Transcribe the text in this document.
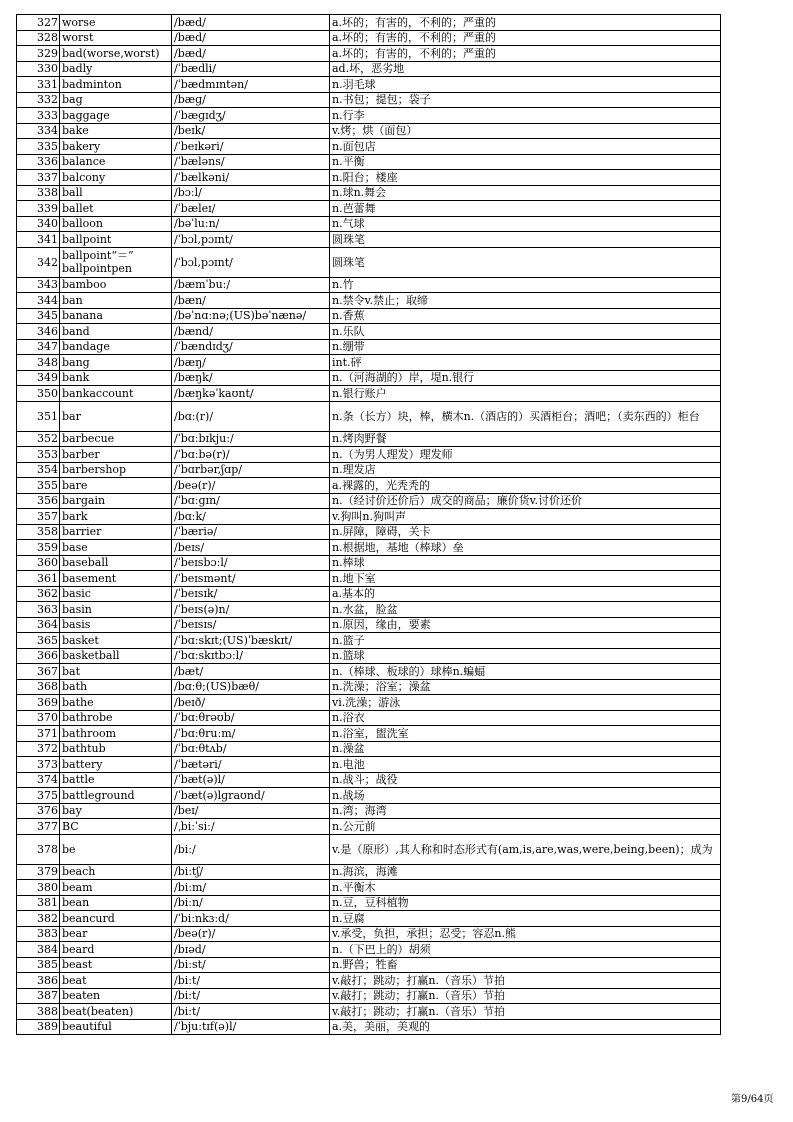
327	worse	/bæd/	a.坏的；有害的，不利的；严重的
328	worst	/bæd/	a.坏的；有害的，不利的；严重的
329	bad(worse,worst)	/bæd/	a.坏的；有害的，不利的；严重的
330	badly	/ˈbædli/	ad.坏，恶劣地
331	badminton	/ˈbædmɪntən/	n.羽毛球
332	bag	/bæɡ/	n.书包；提包；袋子
333	baggage	/ˈbæɡɪdʒ/	n.行李
334	bake	/beɪk/	v.烤；烘（面包）
335	bakery	/ˈbeɪkəri/	n.面包店
336	balance	/ˈbæləns/	n.平衡
337	balcony	/ˈbælkəni/	n.阳台；楼座
338	ball	/bɔːl/	n.球n.舞会
339	ballet	/ˈbæleɪ/	n.芭蕾舞
340	balloon	/bəˈluːn/	n.气球
341	ballpoint	/ˈbɔl,pɔɪnt/	圆珠笔
342	ballpoint“＝” ballpointpen	/ˈbɔl,pɔɪnt/	圆珠笔
343	bamboo	/bæmˈbuː/	n.竹
344	ban	/bæn/	n.禁令v.禁止；取缔
345	banana	/bəˈnɑːnə;(US)bəˈnænə/	n.香蕉
346	band	/bænd/	n.乐队
347	bandage	/ˈbændɪdʒ/	n.绷带
348	bang	/bæŋ/	int.砰
349	bank	/bæŋk/	n.（河海湖的）岸，堤n.银行
350	bankaccount	/bæŋkəˈkaʊnt/	n.银行账户
351	bar	/bɑː(r)/	n.条（长方）块，棒，横木n.（酒店的）买酒柜台；酒吧；（卖东西的）柜台
352	barbecue	/ˈbɑːbɪkjuː/	n.烤肉野餐
353	barber	/ˈbɑːbə(r)/	n.（为男人理发）理发师
354	barbershop	/ˈbɑrbər,ʃɑp/	n.理发店
355	bare	/beə(r)/	a.裸露的，光秃秃的
356	bargain	/ˈbɑːɡɪn/	n.（经讨价还价后）成交的商品；廉价货v.讨价还价
357	bark	/bɑːk/	v.狗叫n.狗叫声
358	barrier	/ˈbæriə/	n.屏障，障碍，关卡
359	base	/beɪs/	n.根据地，基地（棒球）垒
360	baseball	/ˈbeɪsbɔːl/	n.棒球
361	basement	/ˈbeɪsmənt/	n.地下室
362	basic	/ˈbeɪsɪk/	a.基本的
363	basin	/ˈbeɪs(ə)n/	n.水盆，脸盆
364	basis	/ˈbeɪsɪs/	n.原因，缘由，要素
365	basket	/ˈbɑːskɪt;(US)ˈbæskɪt/	n.篮子
366	basketball	/ˈbɑːskɪtbɔːl/	n.篮球
367	bat	/bæt/	n.（棒球、板球的）球棒n.蝙蝠
368	bath	/bɑːθ;(US)bæθ/	n.洗澡；浴室；澡盆
369	bathe	/beɪð/	vi.洗澡；游泳
370	bathrobe	/ˈbɑːθrəʊb/	n.浴衣
371	bathroom	/ˈbɑːθruːm/	n.浴室，盥洗室
372	bathtub	/ˈbɑːθtʌb/	n.澡盆
373	battery	/ˈbætəri/	n.电池
374	battle	/ˈbæt(ə)l/	n.战斗；战役
375	battleground	/ˈbæt(ə)lɡraʊnd/	n.战场
376	bay	/beɪ/	n.湾；海湾
377	BC	/ˌbiːˈsiː/	n.公元前
378	be	/biː/	v.是（原形）,其人称和时态形式有(am,is,are,was,were,being,been)；成为
379	beach	/biːtʃ/	n.海滨，海滩
380	beam	/biːm/	n.平衡木
381	bean	/biːn/	n.豆，豆科植物
382	beancurd	/ˈbiːnkɜːd/	n.豆腐
383	bear	/beə(r)/	v.承受，负担，承担；忍受；容忍n.熊
384	beard	/bɪəd/	n.（下巴上的）胡须
385	beast	/biːst/	n.野兽；牲畜
386	beat	/biːt/	v.敲打；跳动；打赢n.（音乐）节拍
387	beaten	/biːt/	v.敲打；跳动；打赢n.（音乐）节拍
388	beat(beaten)	/biːt/	v.敲打；跳动；打赢n.（音乐）节拍
389	beautiful	/ˈbjuːtɪf(ə)l/	a.美，美丽，美观的
第9/64页
